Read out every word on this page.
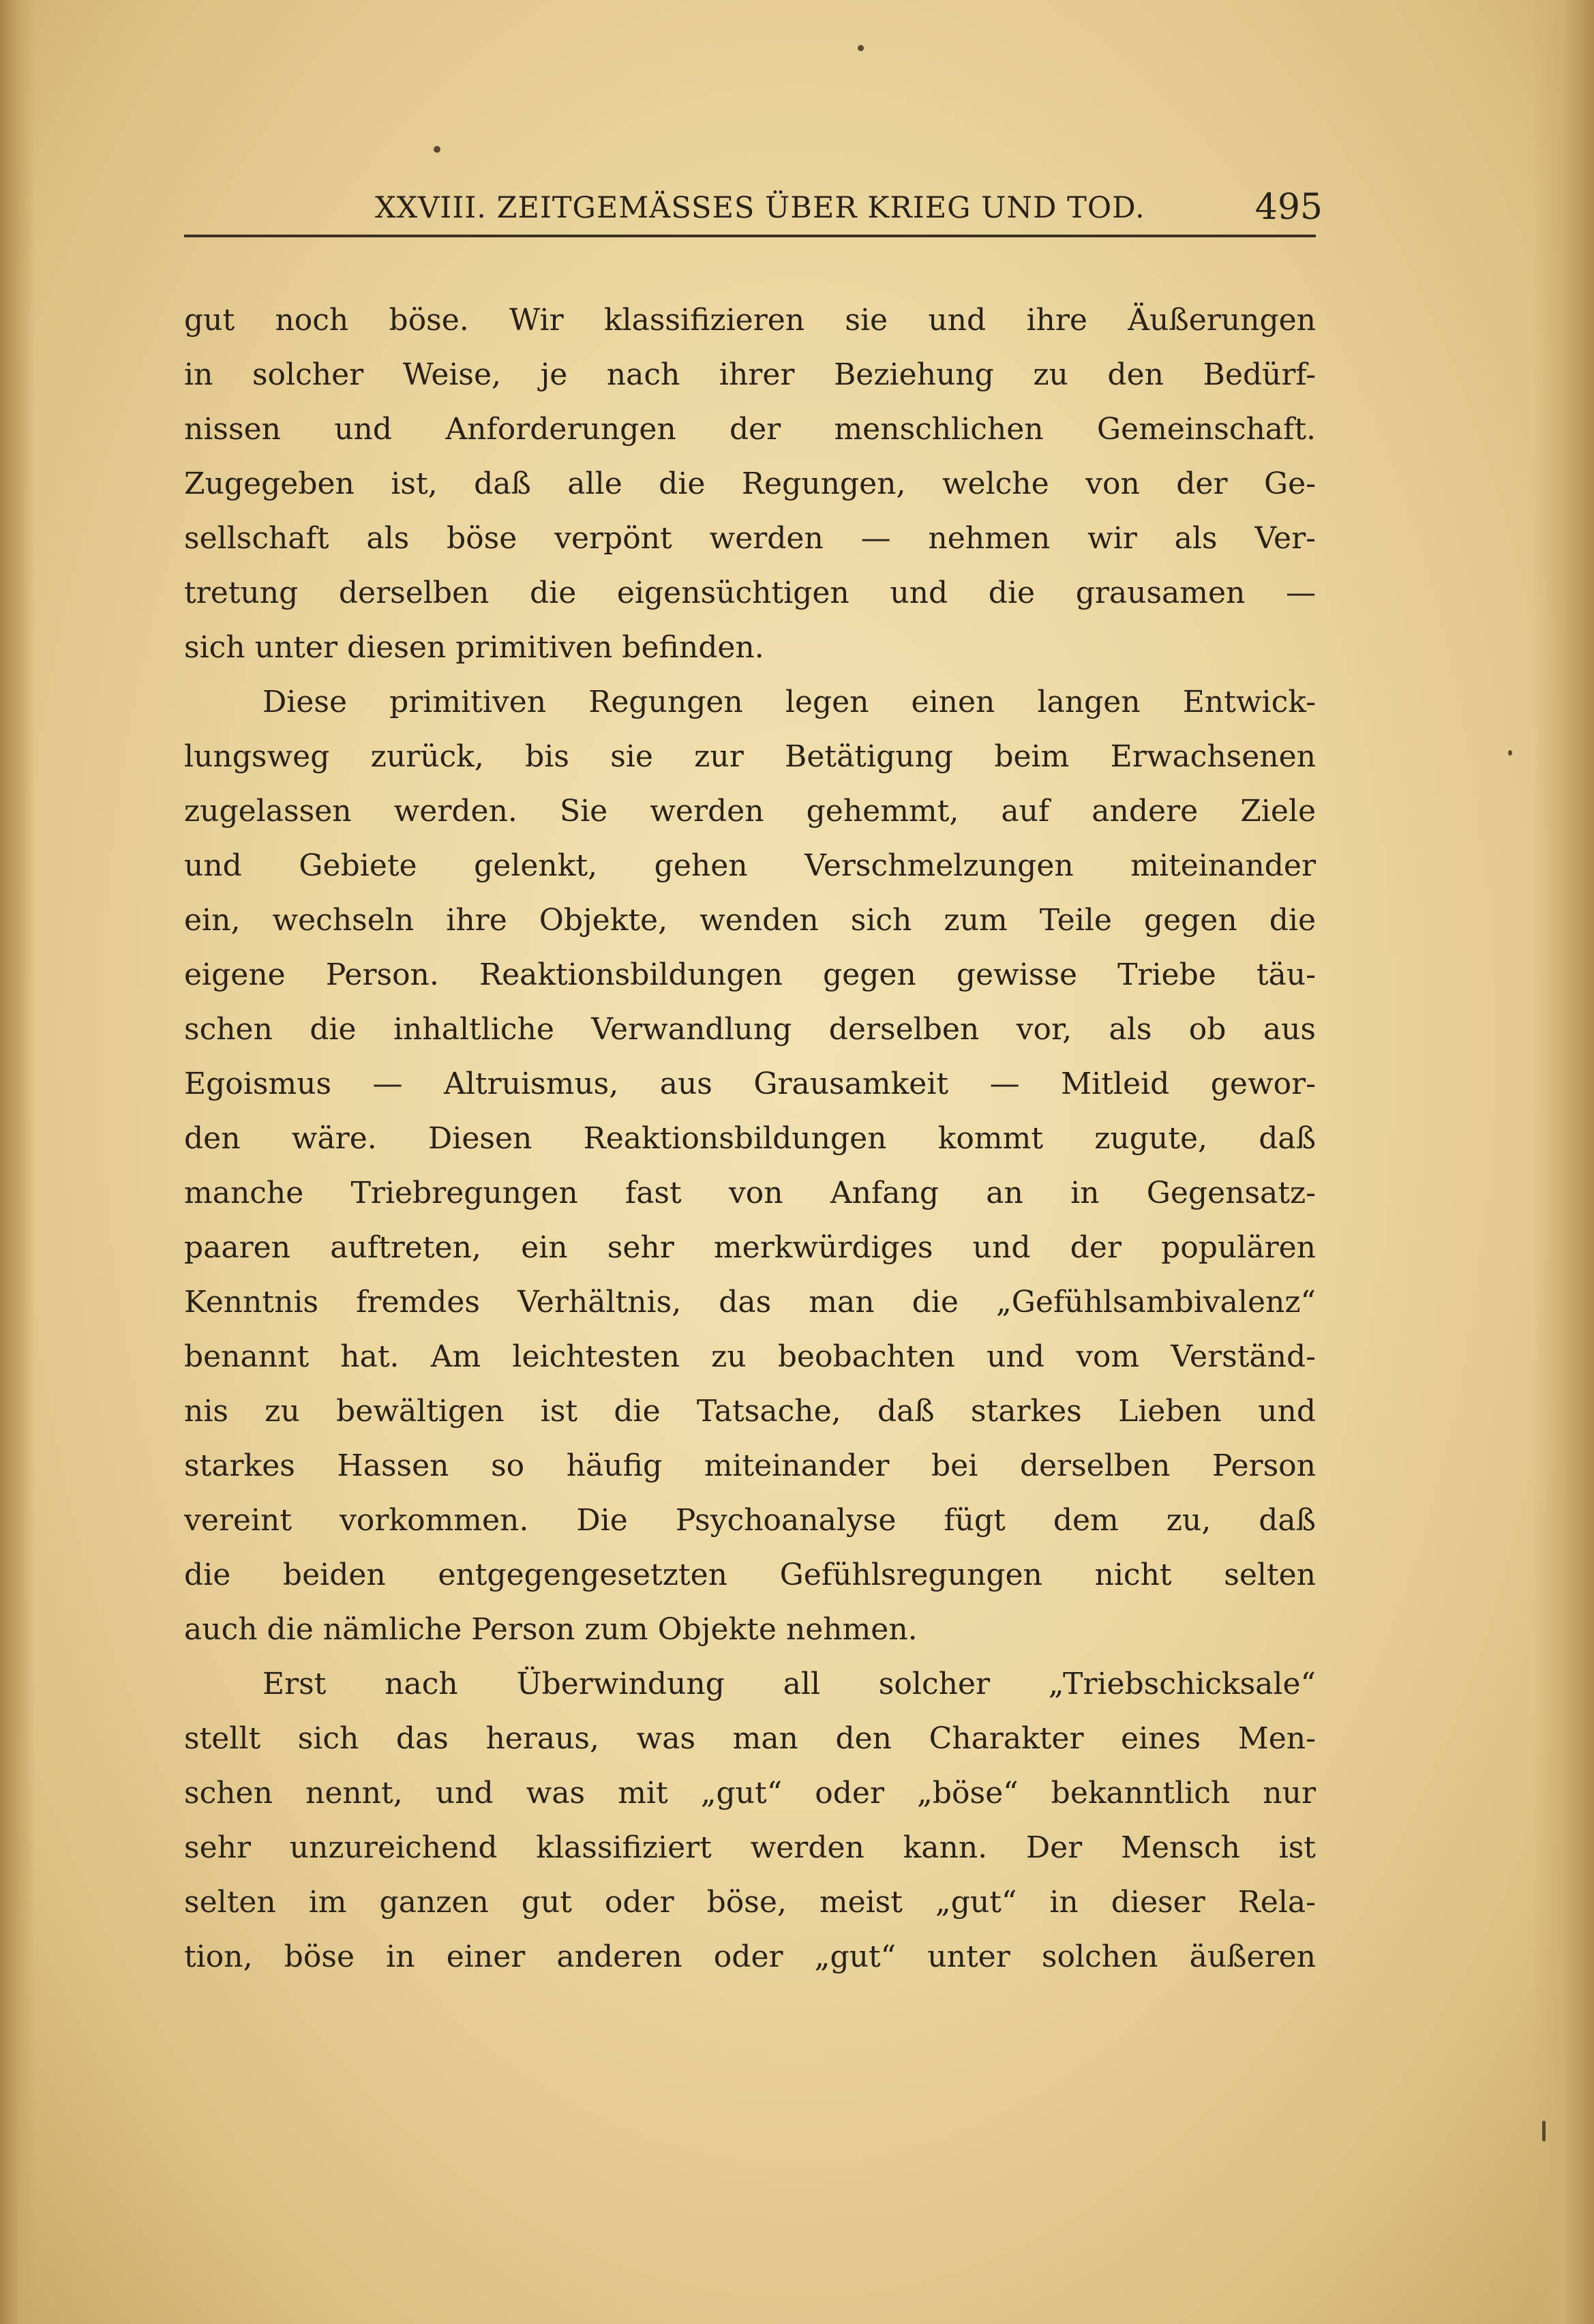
XXVIII. ZEITGEMÄSSES ÜBER KRIEG UND TOD.	495
gut noch böse. Wir klassifizieren sie und ihre Äußerungen
in solcher Weise, je nach ihrer Beziehung zu den Bedürf-
nissen und Anforderungen der menschlichen Gemeinschaft.
Zugegeben ist, daß alle die Regungen, welche von der Ge-
sellschaft als böse verpönt werden — nehmen wir als Ver-
tretung derselben die eigensüchtigen und die grausamen —
sich unter diesen primitiven befinden.
Diese primitiven Regungen legen einen langen Entwick-
lungsweg zurück, bis sie zur Betätigung beim Erwachsenen
zugelassen werden. Sie werden gehemmt, auf andere Ziele
und Gebiete gelenkt, gehen Verschmelzungen miteinander
ein, wechseln ihre Objekte, wenden sich zum Teile gegen die
eigene Person. Reaktionsbildungen gegen gewisse Triebe täu-
schen die inhaltliche Verwandlung derselben vor, als ob aus
Egoismus — Altruismus, aus Grausamkeit — Mitleid gewor-
den wäre. Diesen Reaktionsbildungen kommt zugute, daß
manche Triebregungen fast von Anfang an in Gegensatz-
paaren auftreten, ein sehr merkwürdiges und der populären
Kenntnis fremdes Verhältnis, das man die „Gefühlsambivalenz“
benannt hat. Am leichtesten zu beobachten und vom Verständ-
nis zu bewältigen ist die Tatsache, daß starkes Lieben und
starkes Hassen so häufig miteinander bei derselben Person
vereint vorkommen. Die Psychoanalyse fügt dem zu, daß
die beiden entgegengesetzten Gefühlsregungen nicht selten
auch die nämliche Person zum Objekte nehmen.
Erst nach Überwindung all solcher „Triebschicksale“
stellt sich das heraus, was man den Charakter eines Men-
schen nennt, und was mit „gut“ oder „böse“ bekanntlich nur
sehr unzureichend klassifiziert werden kann. Der Mensch ist
selten im ganzen gut oder böse, meist „gut“ in dieser Rela-
tion, böse in einer anderen oder „gut“ unter solchen äußeren
